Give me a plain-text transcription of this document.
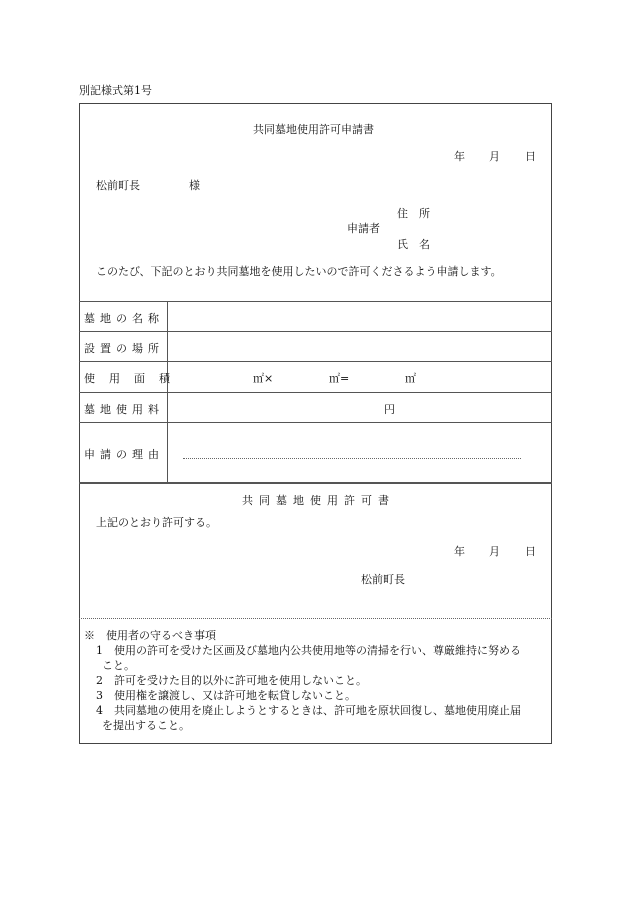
別記様式第1号
共同墓地使用許可申請書
年 月 日
松前町長	様
住　所
申請者
氏　名
このたび、下記のとおり共同墓地を使用したいので許可くださるよう申請します。
墓地の名称
設置の場所
使用面積	㎡×	㎡=	㎡
墓地使用料	円
申請の理由
共同墓地使用許可書
上記のとおり許可する。
年 月 日
松前町長
※　使用者の守るべき事項
1　使用の許可を受けた区画及び墓地内公共使用地等の清掃を行い、尊厳維持に努める
こと。
2　許可を受けた目的以外に許可地を使用しないこと。
3　使用権を譲渡し、又は許可地を転貸しないこと。
4　共同墓地の使用を廃止しようとするときは、許可地を原状回復し、墓地使用廃止届
を提出すること。
